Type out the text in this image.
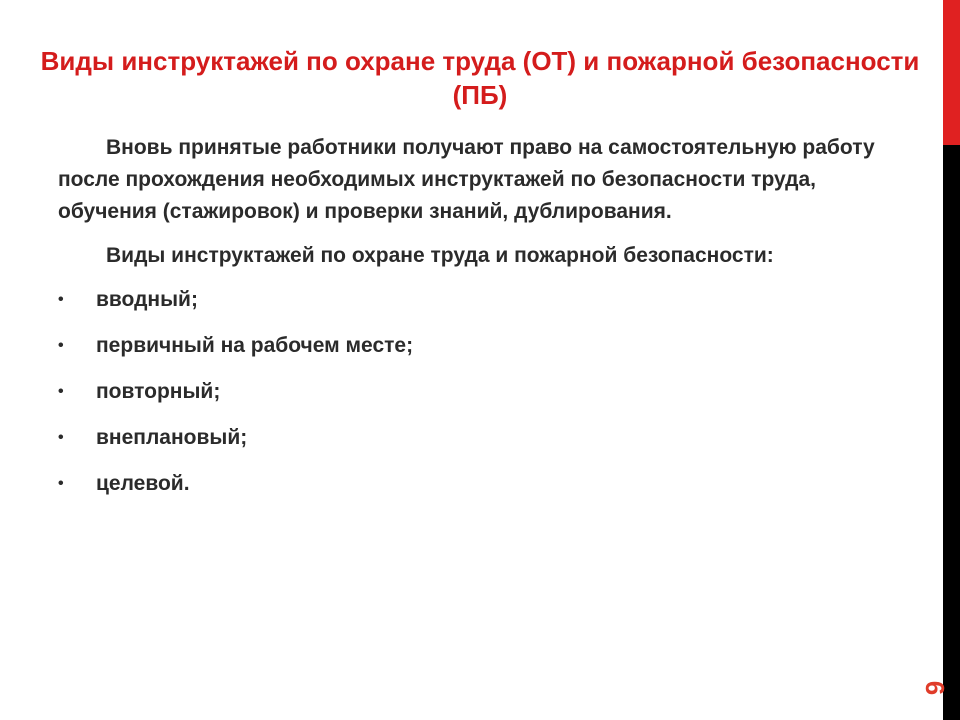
Виды инструктажей по охране труда (ОТ) и пожарной безопасности (ПБ)

Вновь принятые работники получают право на самостоятельную работу после прохождения необходимых инструктажей по безопасности труда, обучения (стажировок) и проверки знаний, дублирования.

Виды инструктажей по охране труда и пожарной безопасности:

• вводный;
• первичный на рабочем месте;
• повторный;
• внеплановый;
• целевой.
6
